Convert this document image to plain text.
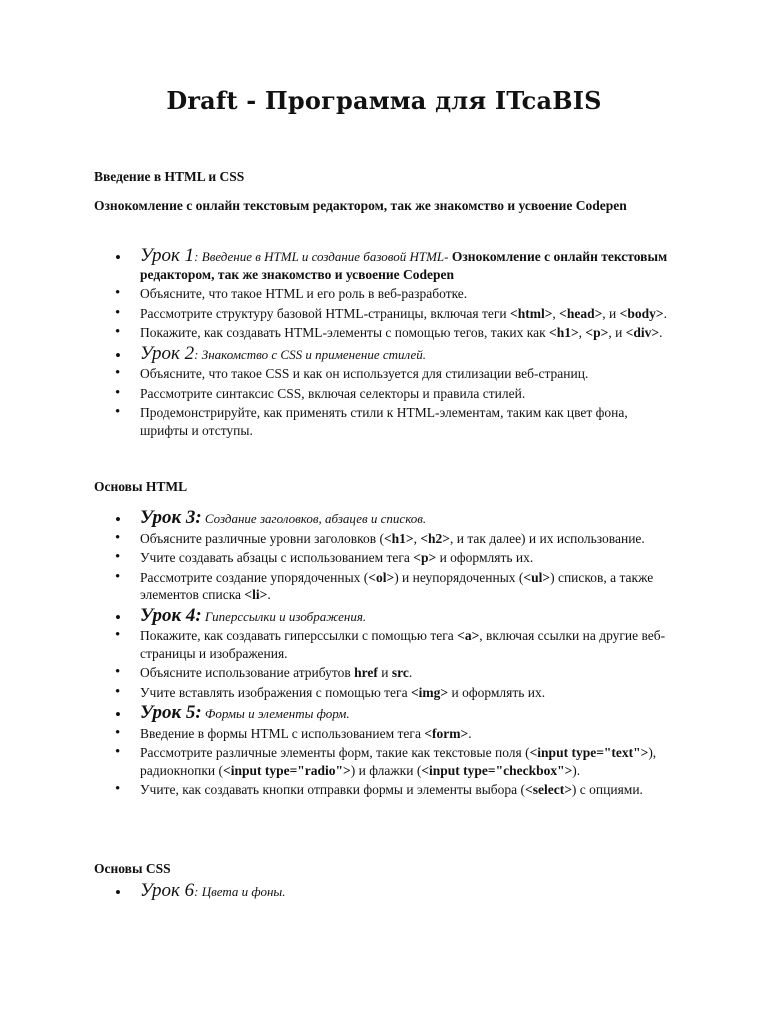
Draft - Программа для ITcaBIS
Введение в HTML и CSS
Ознокомление с онлайн текстовым редактором, так же знакомство и усвоение Codepen
• Урок 1: Введение в HTML и создание базовой HTML- Ознокомление с онлайн текстовым редактором, так же знакомство и усвоение Codepen
• Объясните, что такое HTML и его роль в веб-разработке.
• Рассмотрите структуру базовой HTML-страницы, включая теги <html>, <head>, и <body>.
• Покажите, как создавать HTML-элементы с помощью тегов, таких как <h1>, <p>, и <div>.
• Урок 2: Знакомство с CSS и применение стилей.
• Объясните, что такое CSS и как он используется для стилизации веб-страниц.
• Рассмотрите синтаксис CSS, включая селекторы и правила стилей.
• Продемонстрируйте, как применять стили к HTML-элементам, таким как цвет фона, шрифты и отступы.
Основы HTML
• Урок 3: Создание заголовков, абзацев и списков.
• Объясните различные уровни заголовков (<h1>, <h2>, и так далее) и их использование.
• Учите создавать абзацы с использованием тега <p> и оформлять их.
• Рассмотрите создание упорядоченных (<ol>) и неупорядоченных (<ul>) списков, а также элементов списка <li>.
• Урок 4: Гиперссылки и изображения.
• Покажите, как создавать гиперссылки с помощью тега <a>, включая ссылки на другие веб-страницы и изображения.
• Объясните использование атрибутов href и src.
• Учите вставлять изображения с помощью тега <img> и оформлять их.
• Урок 5: Формы и элементы форм.
• Введение в формы HTML с использованием тега <form>.
• Рассмотрите различные элементы форм, такие как текстовые поля (<input type="text">), радиокнопки (<input type="radio">) и флажки (<input type="checkbox">).
• Учите, как создавать кнопки отправки формы и элементы выбора (<select>) с опциями.
Основы CSS
• Урок 6: Цвета и фоны.
